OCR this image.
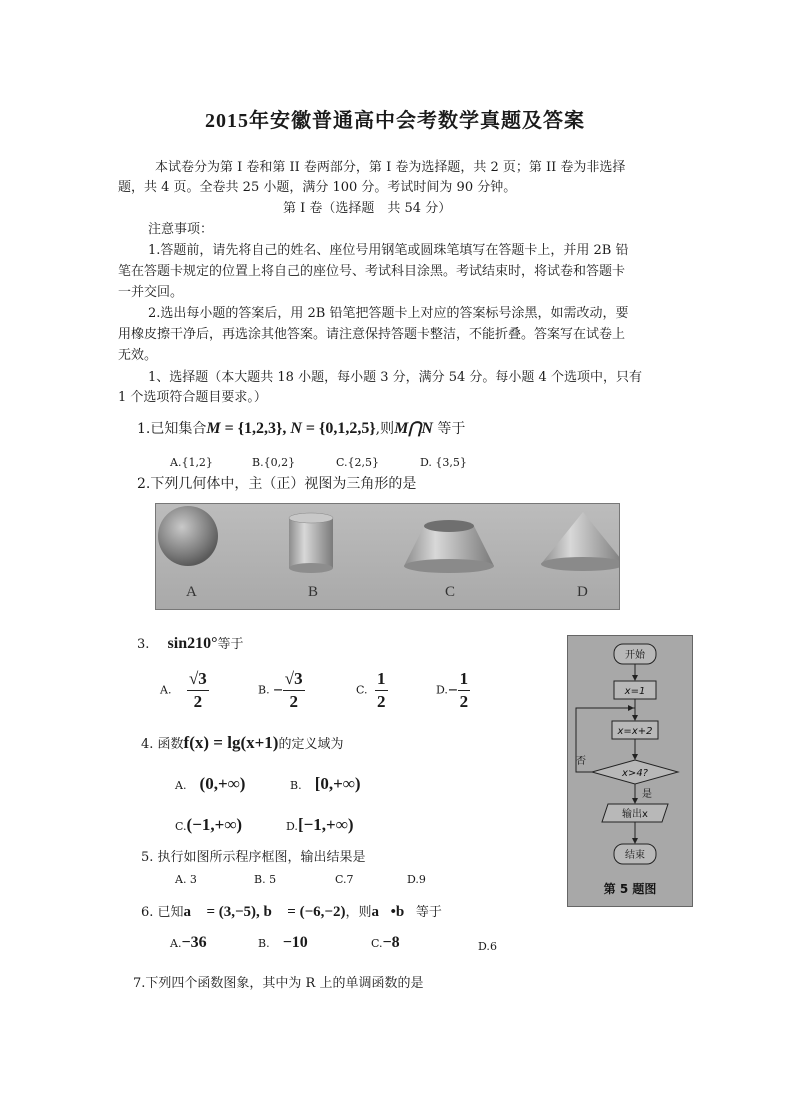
2015年安徽普通高中会考数学真题及答案
本试卷分为第 I 卷和第 II 卷两部分，第 I 卷为选择题，共 2 页；第 II 卷为非选择
题，共 4 页。全卷共 25 小题，满分 100 分。考试时间为 90 分钟。
第 I 卷（选择题　共 54 分）
注意事项：
1.答题前，请先将自己的姓名、座位号用钢笔或圆珠笔填写在答题卡上，并用 2B 铅
笔在答题卡规定的位置上将自己的座位号、考试科目涂黑。考试结束时，将试卷和答题卡
一并交回。
2.选出每小题的答案后，用 2B 铅笔把答题卡上对应的答案标号涂黑，如需改动，要
用橡皮擦干净后，再选涂其他答案。请注意保持答题卡整洁，不能折叠。答案写在试卷上
无效。
1、选择题（本大题共 18 小题，每小题 3 分，满分 54 分。每小题 4 个选项中，只有
1 个选项符合题目要求。）
1.已知集合M = {1,2,3}, N = {0,1,2,5},则M⋂N 等于
A.{1,2}	B.{0,2}	C.{2,5}	D. {3,5}
2.下列几何体中，主（正）视图为三角形的是
A	B	C	D
3. sin210°等于
A. $\frac{√3}{2}$	B. − $\frac{√3}{2}$	C. $\frac{1}{2}$	$D.- \frac{1}{2}$
4. 函数f(x) = lg(x+1)的定义域为
A. (0,+∞)	B. [0,+∞)
C.(−1,+∞)	D.[−1,+∞)
5. 执行如图所示程序框图，输出结果是
A. 3	B. 5	C.7	D.9
6. 已知a⃗ = (3,−5), b⃗ = (−6,−2)，则a⃗•b⃗等于
A.−36	B. −10	C.−8	D.6
7.下列四个函数图象，其中为 R 上的单调函数的是
开始
x=1
x=x+2
x>4?
否
是
输出x
结束
第 5 题图
